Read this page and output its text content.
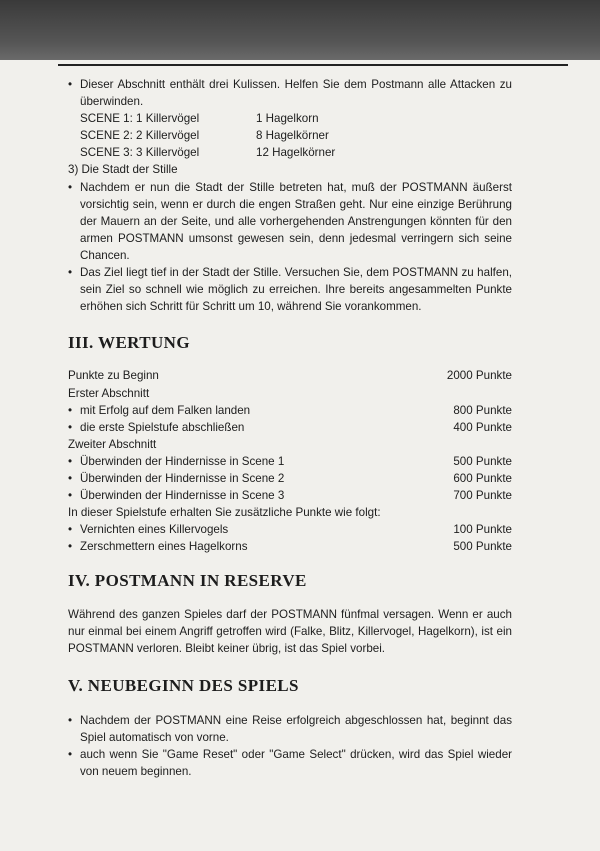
• Dieser Abschnitt enthält drei Kulissen. Helfen Sie dem Postmann alle Attacken zu überwinden.
SCENE 1: 1 Killervögel	1 Hagelkorn
SCENE 2: 2 Killervögel	8 Hagelkörner
SCENE 3: 3 Killervögel	12 Hagelkörner

3) Die Stadt der Stille

• Nachdem er nun die Stadt der Stille betreten hat, muß der POSTMANN äußerst vorsichtig sein, wenn er durch die engen Straßen geht. Nur eine einzige Berührung der Mauern an der Seite, und alle vorhergehenden Anstrengungen könnten für den armen POSTMANN umsonst gewesen sein, denn jedesmal verringern sich seine Chancen.
• Das Ziel liegt tief in der Stadt der Stille. Versuchen Sie, dem POSTMANN zu halfen, sein Ziel so schnell wie möglich zu erreichen. Ihre bereits angesammelten Punkte erhöhen sich Schritt für Schritt um 10, während Sie vorankommen.
III. WERTUNG
Punkte zu Beginn	2000 Punkte
Erster Abschnitt
• mit Erfolg auf dem Falken landen	800 Punkte
• die erste Spielstufe abschließen	400 Punkte
Zweiter Abschnitt
• Überwinden der Hindernisse in Scene 1	500 Punkte
• Überwinden der Hindernisse in Scene 2	600 Punkte
• Überwinden der Hindernisse in Scene 3	700 Punkte
In dieser Spielstufe erhalten Sie zusätzliche Punkte wie folgt:
• Vernichten eines Killervogels	100 Punkte
• Zerschmettern eines Hagelkorns	500 Punkte
IV. POSTMANN IN RESERVE

Während des ganzen Spieles darf der POSTMANN fünfmal versagen. Wenn er auch nur einmal bei einem Angriff getroffen wird (Falke, Blitz, Killervogel, Hagelkorn), ist ein POSTMANN verloren. Bleibt keiner übrig, ist das Spiel vorbei.

V. NEUBEGINN DES SPIELS
• Nachdem der POSTMANN eine Reise erfolgreich abgeschlossen hat, beginnt das Spiel automatisch von vorne.
• auch wenn Sie "Game Reset" oder "Game Select" drücken, wird das Spiel wieder von neuem beginnen.
